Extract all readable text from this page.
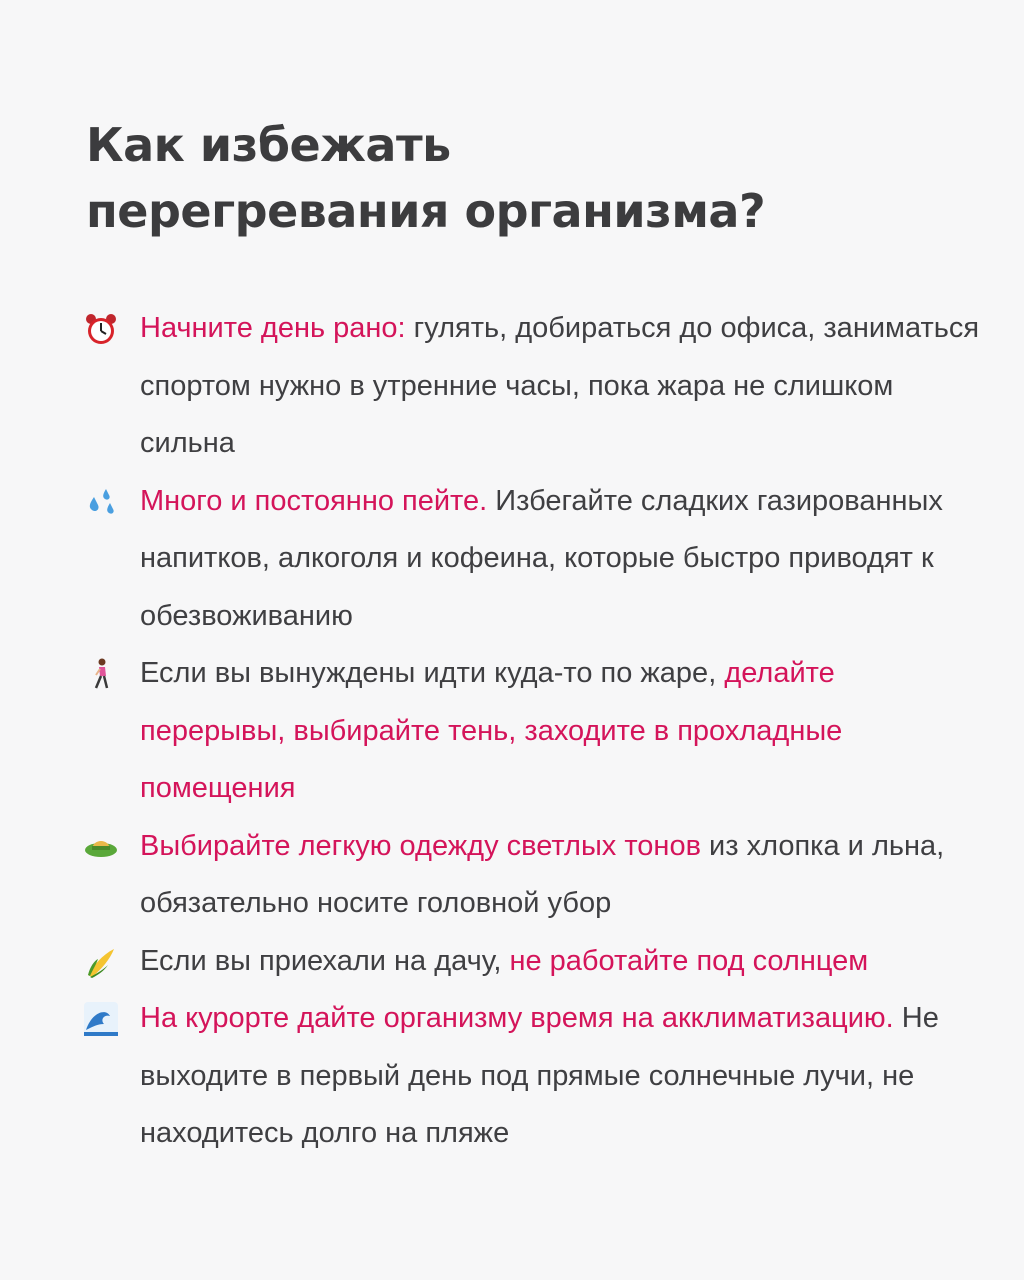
Как избежать
перегревания организма?
Начните день рано: гулять, добираться до офиса, заниматься спортом нужно в утренние часы, пока жара не слишком сильна
Много и постоянно пейте. Избегайте сладких газированных напитков, алкоголя и кофеина, которые быстро приводят к обезвоживанию
Если вы вынуждены идти куда-то по жаре, делайте перерывы, выбирайте тень, заходите в прохладные помещения
Выбирайте легкую одежду светлых тонов из хлопка и льна, обязательно носите головной убор
Если вы приехали на дачу, не работайте под солнцем
На курорте дайте организму время на акклиматизацию. Не выходите в первый день под прямые солнечные лучи, не находитесь долго на пляже
